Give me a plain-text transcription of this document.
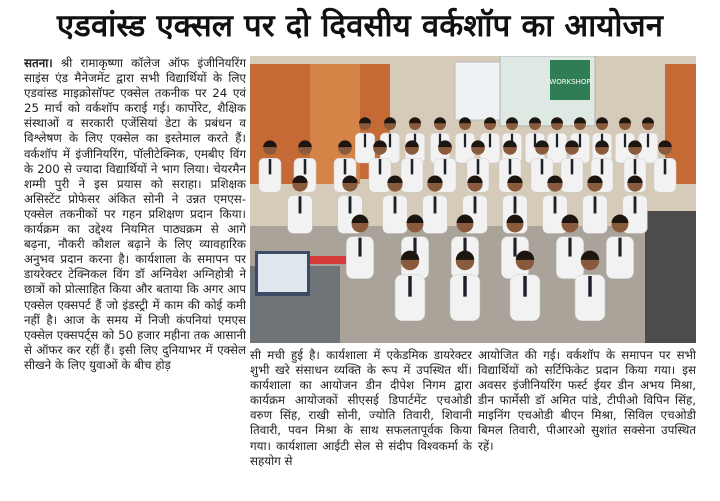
एडवांस्ड एक्सल पर दो दिवसीय वर्कशॉप का आयोजन
सतना। श्री रामाकृष्णा कॉलेज ऑफ इंजीनियरिंग साइंस एंड मैनेजमेंट द्वारा सभी विद्यार्थियों के लिए एडवांस्ड माइक्रोसॉफ्ट एक्सेल तकनीक पर 24 एवं 25 मार्च को वर्कशॉप कराई गई। कार्पोरेट, शैक्षिक संस्थाओं व सरकारी एजेंसियां डेटा के प्रबंधन व विश्लेषण के लिए एक्सेल का इस्तेमाल करते हैं। वर्कशॉप में इंजीनियरिंग, पॉलीटेक्निक, एमबीए विंग के 200 से ज्यादा विद्यार्थियों ने भाग लिया। चेयरमैन शम्मी पुरी ने इस प्रयास को सराहा। प्रशिक्षक असिस्टेंट प्रोफेसर अंकित सोनी ने उन्नत एमएस-एक्सेल तकनीकों पर गहन प्रशिक्षण प्रदान किया। कार्यक्रम का उद्देश्य नियमित पाठ्यक्रम से आगे बढ़ना, नौकरी कौशल बढ़ाने के लिए व्यावहारिक अनुभव प्रदान करना है। कार्यशाला के समापन पर डायरेक्टर टेक्निकल विंग डॉ अग्निवेश अग्निहोत्री ने छात्रों को प्रोत्साहित किया और बताया कि अगर आप एक्सेल एक्सपर्ट हैं जो इंडस्ट्री में काम की कोई कमी नहीं है। आज के समय में निजी कंपनियां एमएस एक्सेल एक्सपर्ट्स को 50 हजार महीना तक आसानी से ऑफर कर रहीं हैं। इसी लिए दुनियाभर में एक्सेल सीखने के लिए युवाओं के बीच होड़
WORKSHOP
सी मची हुई है। कार्यशाला में एकेडमिक डायरेक्टर शुभी खरे संसाधन व्यक्ति के रूप में उपस्थित थीं। कार्यशाला का आयोजन डीन दीपेश निगम द्वारा कार्यक्रम आयोजकों सीएसई डिपार्टमेंट एचओडी वरुण सिंह, राखी सोनी, ज्योति तिवारी, शिवानी तिवारी, पवन मिश्रा के साथ सफलतापूर्वक किया गया। कार्यशाला आईटी सेल से संदीप विश्वकर्मा के सहयोग से
आयोजित की गई। वर्कशॉप के समापन पर सभी विद्यार्थियों को सर्टिफिकेट प्रदान किया गया। इस अवसर इंजीनियरिंग फर्स्ट ईयर डीन अभय मिश्रा, डीन फार्मेसी डॉ अमित पांडे, टीपीओ विपिन सिंह, माइनिंग एचओडी बीएन मिश्रा, सिविल एचओडी बिमल तिवारी, पीआरओ सुशांत सक्सेना उपस्थित रहें।
